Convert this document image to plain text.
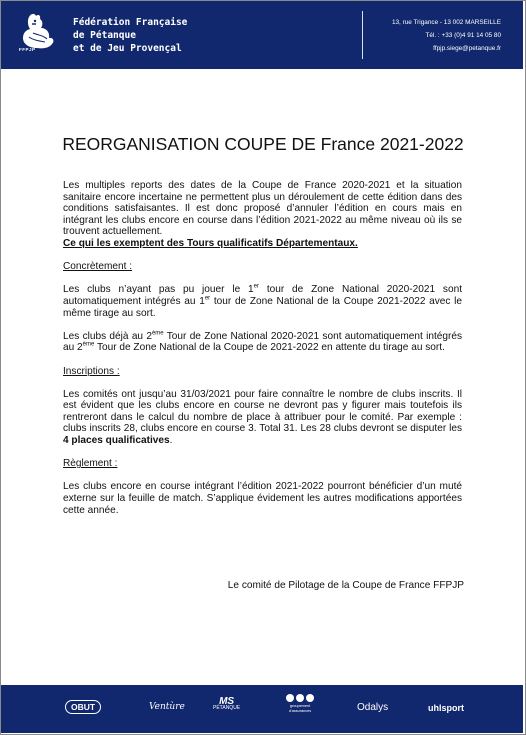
FFPJP
Fédération Française
de Pétanque
et de Jeu Provençal
13, rue Trigance - 13 002 MARSEILLE
Tél. : +33 (0)4 91 14 05 80
ffpjp.siege@petanque.fr
REORGANISATION COUPE DE France 2021-2022

Les multiples reports des dates de la Coupe de France 2020-2021 et la situation sanitaire encore incertaine ne permettent plus un déroulement de cette édition dans des conditions satisfaisantes. Il est donc proposé d’annuler l’édition en cours mais en intégrant les clubs encore en course dans l’édition 2021-2022 au même niveau où ils se trouvent actuellement.
Ce qui les exemptent des Tours qualificatifs Départementaux.

Concrètement :

Les clubs n’ayant pas pu jouer le 1er tour de Zone National 2020-2021 sont automatiquement intégrés au 1er tour de Zone National de la Coupe 2021-2022 avec le même tirage au sort.

Les clubs déjà au 2ème Tour de Zone National 2020-2021 sont automatiquement intégrés au 2ème Tour de Zone National de la Coupe de 2021-2022 en attente du tirage au sort.

Inscriptions :

Les comités ont jusqu’au 31/03/2021 pour faire connaître le nombre de clubs inscrits. Il est évident que les clubs encore en course ne devront pas y figurer mais toutefois ils rentreront dans le calcul du nombre de place à attribuer pour le comité. Par exemple : clubs inscrits 28, clubs encore en course 3. Total 31. Les 28 clubs devront se disputer les 4 places qualificatives.

Règlement :

Les clubs encore en course intégrant l’édition 2021-2022 pourront bénéficier d’un muté externe sur la feuille de match. S’applique évidement les autres modifications apportées cette année.

Le comité de Pilotage de la Coupe de France FFPJP
OBUT	Ventùre	MS
PÉTANQUE	groupement
d’assurances	Odalys	uhlsport
